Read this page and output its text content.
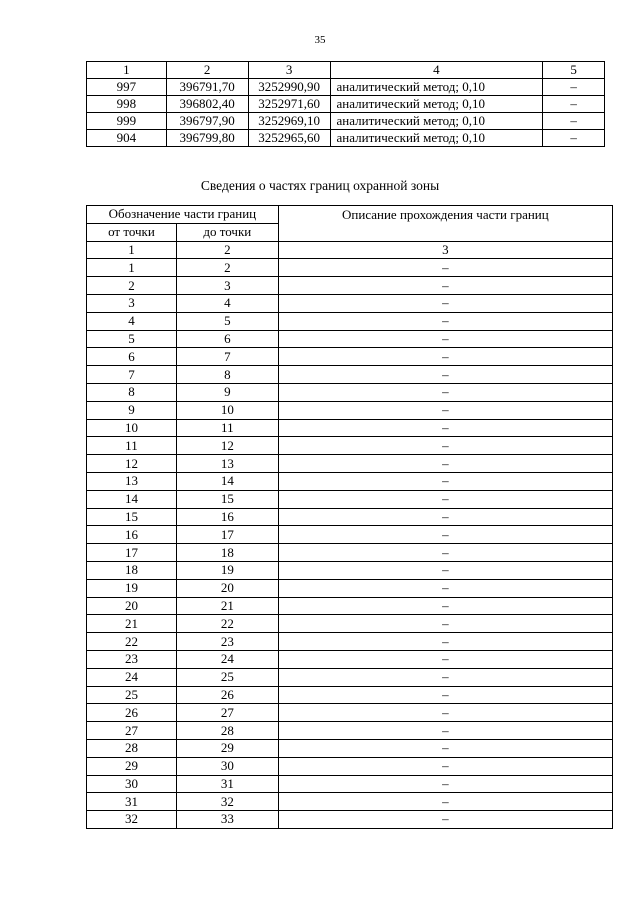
35
1	2	3	4	5
997	396791,70	3252990,90	аналитический метод; 0,10	–
998	396802,40	3252971,60	аналитический метод; 0,10	–
999	396797,90	3252969,10	аналитический метод; 0,10	–
904	396799,80	3252965,60	аналитический метод; 0,10	–
Сведения о частях границ охранной зоны
Обозначение части границ		Описание прохождения части границ
от точки	до точки	
1	2	3
1	2	–
2	3	–
3	4	–
4	5	–
5	6	–
6	7	–
7	8	–
8	9	–
9	10	–
10	11	–
11	12	–
12	13	–
13	14	–
14	15	–
15	16	–
16	17	–
17	18	–
18	19	–
19	20	–
20	21	–
21	22	–
22	23	–
23	24	–
24	25	–
25	26	–
26	27	–
27	28	–
28	29	–
29	30	–
30	31	–
31	32	–
32	33	–
